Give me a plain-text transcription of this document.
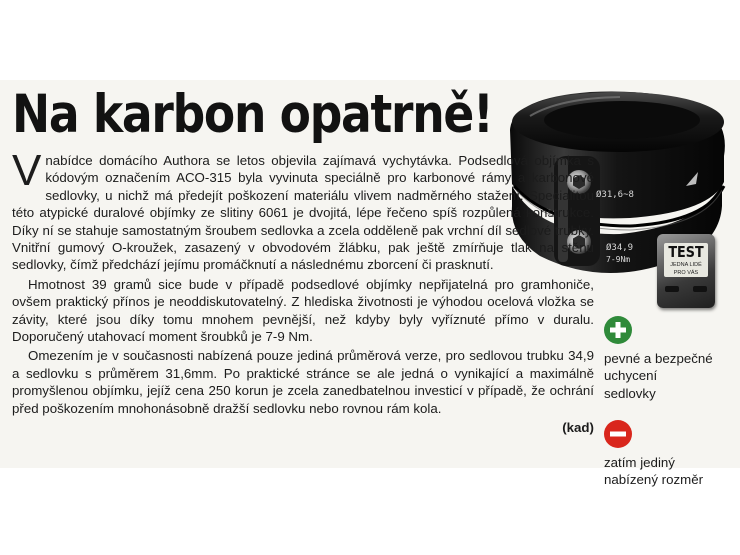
Na karbon opatrně!
Ø31,6~8
Ø34,9
7-9Nm	TEST
JEDNA LIDÉ PRO VÁS

Vnabídce domácího Authora se letos objevila zajímavá vychytávka. Podsedlová objímka s kódovým označením ACO-315 byla vyvinuta speciálně pro karbonové rámy a karbonové sedlovky, u nichž má předejít poškození materiálu vlivem nadměrného stažení. Specialitou této atypické duralové objímky ze slitiny 6061 je dvojitá, lépe řečeno spíš rozpůlená konstrukce. Díky ní se stahuje samostatným šroubem sedlovka a zcela odděleně pak vrchní díl sedlové trubky. Vnitřní gumový O-kroužek, zasazený v obvodovém žlábku, pak ještě zmírňuje tlak na stěnu sedlovky, čímž předchází jejímu promáčknutí a následnému zborcení či prasknutí.

Hmotnost 39 gramů sice bude v případě podsedlové objímky nepřijatelná pro gramhoniče, ovšem praktický přínos je neoddiskutovatelný. Z hlediska životnosti je výhodou ocelová vložka se závity, které jsou díky tomu mnohem pevnější, než kdyby byly vyříznuté přímo v duralu. Doporučený utahovací moment šroubků je 7-9 Nm.

Omezením je v současnosti nabízená pouze jediná průměrová verze, pro sedlovou trubku 34,9 a sedlovku s průměrem 31,6mm. Po praktické stránce se ale jedná o vynikající a maximálně promyšlenou objímku, jejíž cena 250 korun je zcela zanedbatelnou investicí v případě, že ochrání před poškozením mnohonásobně dražší sedlovku nebo rovnou rám kola.

(kad)
pevné a bezpečné
uchycení
sedlovky
zatím jediný
nabízený rozměr
